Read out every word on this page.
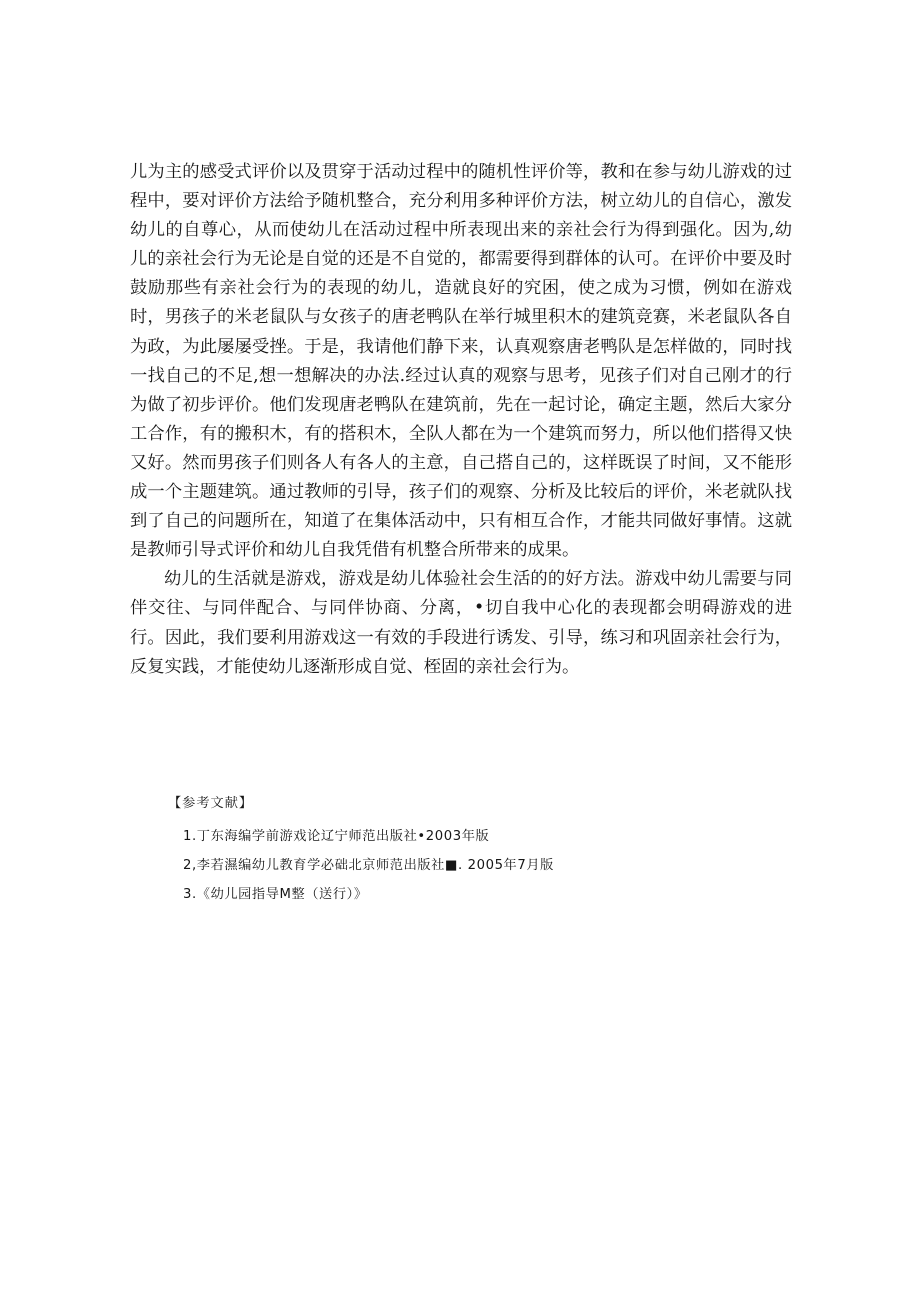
儿为主的感受式评价以及贯穿于活动过程中的随机性评价等，教和在参与幼儿游戏的过程中，要对评价方法给予随机整合，充分利用多种评价方法，树立幼儿的自信心，激发幼儿的自尊心，从而使幼儿在活动过程中所表现出来的亲社会行为得到强化。因为,幼儿的亲社会行为无论是自觉的还是不自觉的，都需要得到群体的认可。在评价中要及时鼓励那些有亲社会行为的表现的幼儿，造就良好的究困，使之成为习惯，例如在游戏时，男孩子的米老鼠队与女孩子的唐老鸭队在举行城里积木的建筑竞赛，米老鼠队各自为政，为此屡屡受挫。于是，我请他们静下来，认真观察唐老鸭队是怎样做的，同时找一找自己的不足,想一想解决的办法.经过认真的观察与思考，见孩子们对自己刚才的行为做了初步评价。他们发现唐老鸭队在建筑前，先在一起讨论，确定主题，然后大家分工合作，有的搬积木，有的搭积木，全队人都在为一个建筑而努力，所以他们搭得又快又好。然而男孩子们则各人有各人的主意，自己搭自己的，这样既误了时间，又不能形成一个主题建筑。通过教师的引导，孩子们的观察、分析及比较后的评价，米老就队找到了自己的问题所在，知道了在集体活动中，只有相互合作，才能共同做好事情。这就是教师引导式评价和幼儿自我凭借有机整合所带来的成果。

幼儿的生活就是游戏，游戏是幼儿体验社会生活的的好方法。游戏中幼儿需要与同伴交往、与同伴配合、与同伴协商、分离，•切自我中心化的表现都会明碍游戏的进行。因此，我们要利用游戏这一有效的手段进行诱发、引导，练习和巩固亲社会行为，反复实践，才能使幼儿逐渐形成自觉、桎固的亲社会行为。

【参考文献】

1.丁东海编学前游戏论辽宁师范出版社•2003年版

2,李若濕编幼儿教育学必础北京师范出版社■. 2005年7月版

3.《幼儿园指导M整（送行）》
